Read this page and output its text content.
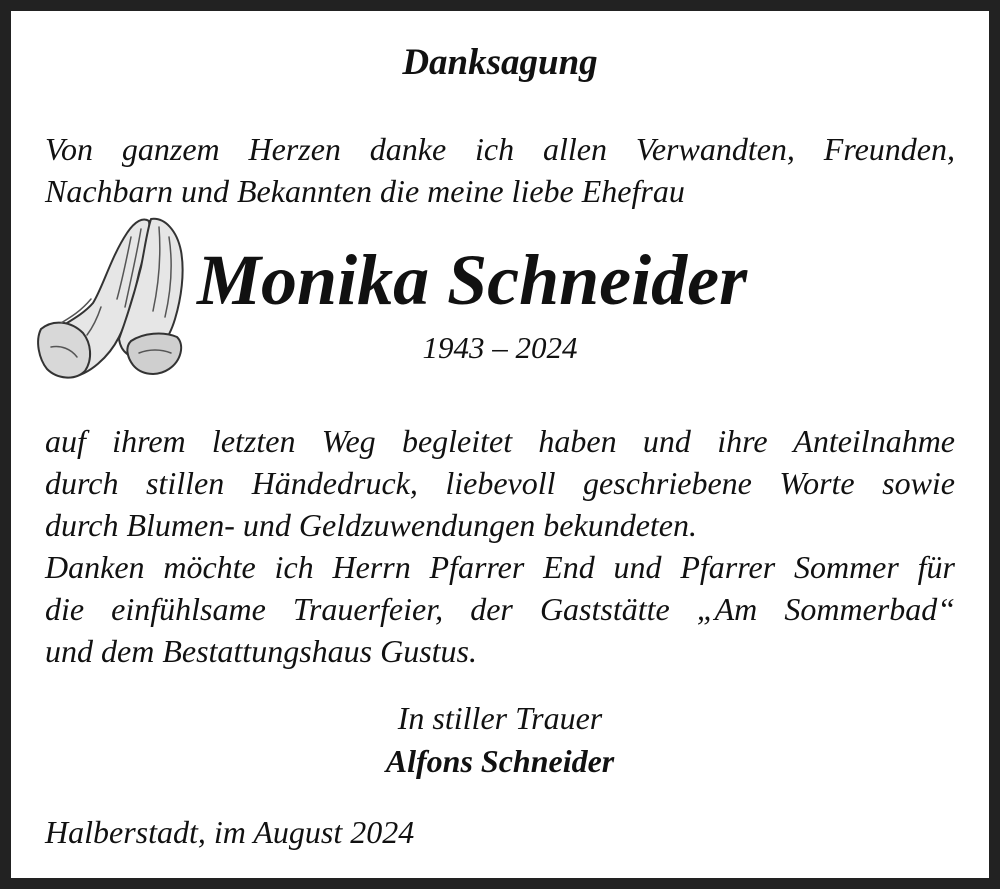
Danksagung
Von ganzem Herzen danke ich allen Verwandten, Freunden,
Nachbarn und Bekannten die meine liebe Ehefrau
Monika Schneider
1943 – 2024
auf ihrem letzten Weg begleitet haben und ihre Anteilnahme
durch stillen Händedruck, liebevoll geschriebene Worte sowie
durch Blumen- und Geldzuwendungen bekundeten.
Danken möchte ich Herrn Pfarrer End und Pfarrer Sommer für
die einfühlsame Trauerfeier, der Gaststätte „Am Sommerbad“
und dem Bestattungshaus Gustus.
In stiller Trauer
Alfons Schneider
Halberstadt, im August 2024
